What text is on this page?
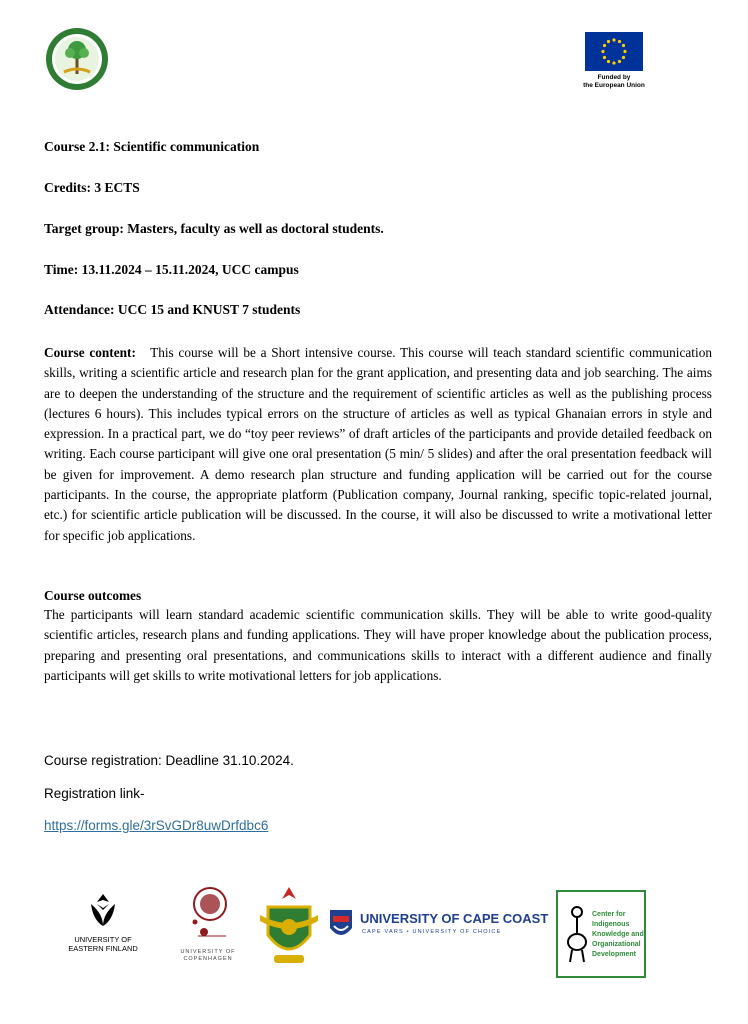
Funded by
the European Union
Course 2.1: Scientific communication
Credits: 3 ECTS
Target group: Masters, faculty as well as doctoral students.
Time: 13.11.2024 – 15.11.2024, UCC campus
Attendance: UCC 15 and KNUST 7 students
Course content: This course will be a Short intensive course. This course will teach standard scientific communication skills, writing a scientific article and research plan for the grant application, and presenting data and job searching. The aims are to deepen the understanding of the structure and the requirement of scientific articles as well as the publishing process (lectures 6 hours). This includes typical errors on the structure of articles as well as typical Ghanaian errors in style and expression. In a practical part, we do “toy peer reviews” of draft articles of the participants and provide detailed feedback on writing. Each course participant will give one oral presentation (5 min/ 5 slides) and after the oral presentation feedback will be given for improvement. A demo research plan structure and funding application will be carried out for the course participants. In the course, the appropriate platform (Publication company, Journal ranking, specific topic-related journal, etc.) for scientific article publication will be discussed. In the course, it will also be discussed to write a motivational letter for specific job applications.
Course outcomes
The participants will learn standard academic scientific communication skills. They will be able to write good-quality scientific articles, research plans and funding applications. They will have proper knowledge about the publication process, preparing and presenting oral presentations, and communications skills to interact with a different audience and finally participants will get skills to write motivational letters for job applications.
Course registration: Deadline 31.10.2024.
Registration link-
https://forms.gle/3rSvGDr8uwDrfdbc6
UNIVERSITY OF
EASTERN FINLAND	UNIVERSITY OF
COPENHAGEN
UNIVERSITY OF CAPE COAST
CAPE VARS • UNIVERSITY OF CHOICE
Center for
Indigenous
Knowledge and
Organizational
Development
